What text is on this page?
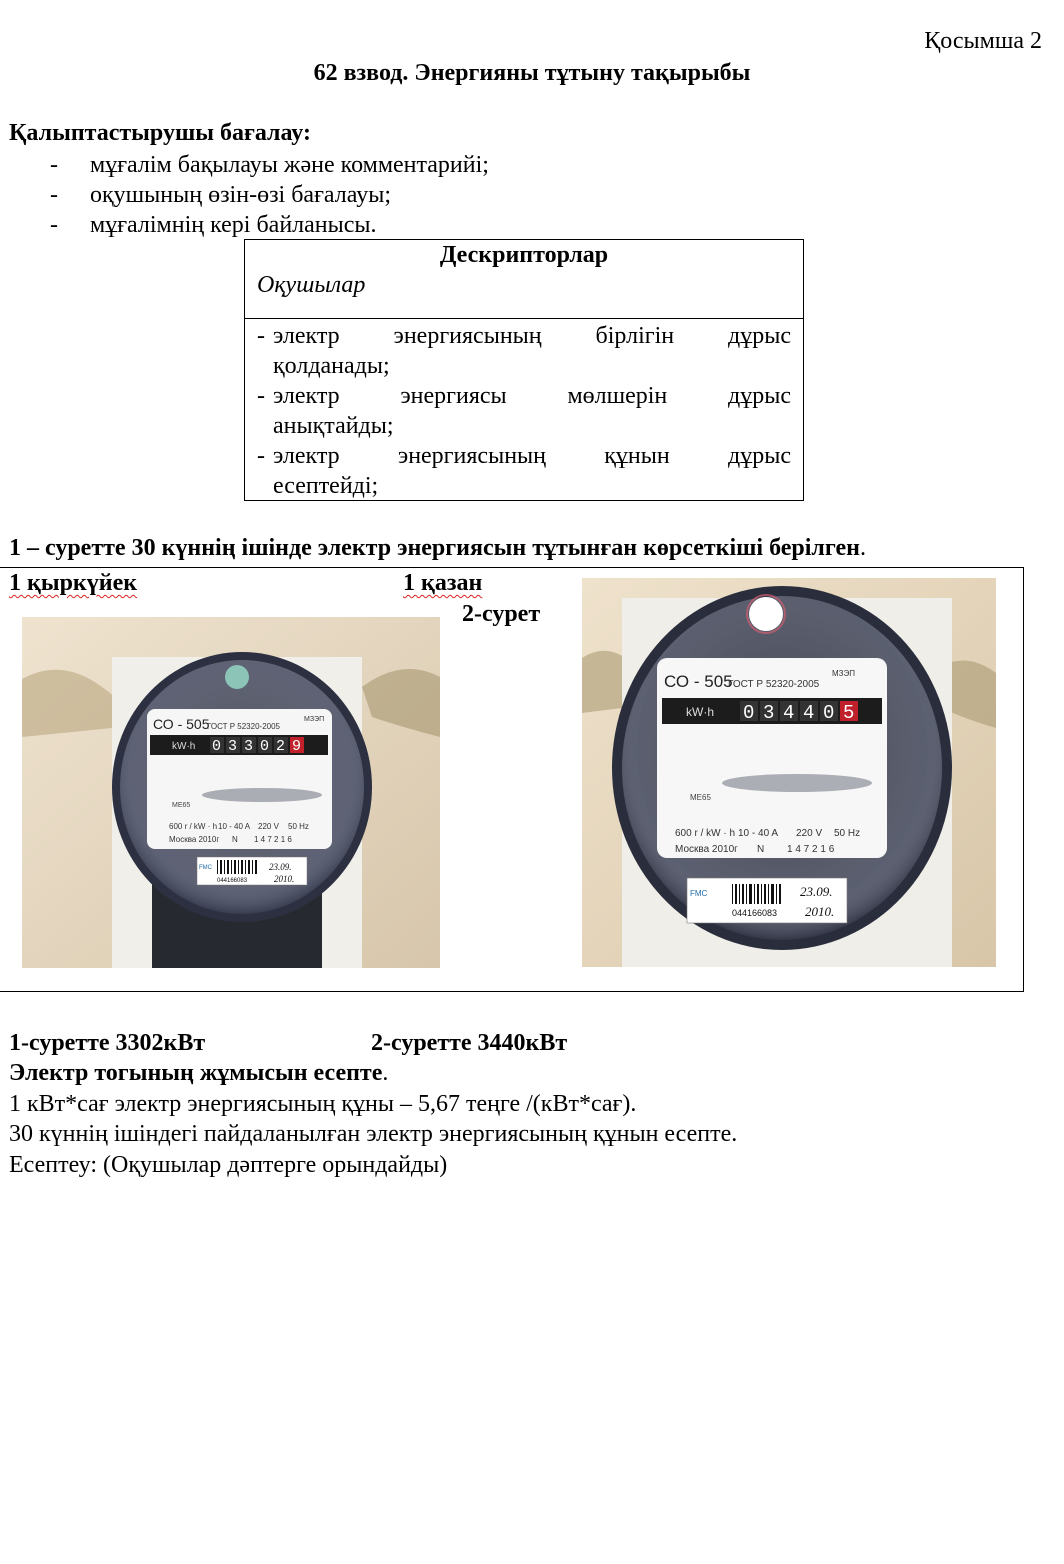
Қосымша 2
62 взвод. Энергияны тұтыну тақырыбы
Қалыптастырушы бағалау:
- мұғалім бақылауы және комментарийі;
- оқушының өзін-өзі бағалауы;
- мұғалімнің кері байланысы.
Дескрипторлар
Оқушылар
- электр энергиясының бірлігін дұрыс
қолданады;
- электр энергиясы мөлшерін дұрыс
анықтайды;
- электр энергиясының құнын дұрыс
есептейді;
1 – суретте 30 күннің ішінде электр энергиясын тұтынған көрсеткіші берілген.
1 қыркүйек	1 қазан
2-сурет
СО - 505
ГОСТ Р 52320-2005
МЗЭП
kW·h 0 3 3 0 2 9
МЕ65
600 r / kW · h 10 - 40 A 220 V 50 Hz
Москва 2010г N 1 4 7 2 1 6
FMC
044166083
23.09.
2010.
СО - 505
ГОСТ Р 52320-2005
МЗЭП
kW·h 0 3 4 4 0 5
МЕ65
600 r / kW · h 10 - 40 A 220 V 50 Hz
Москва 2010г N 1 4 7 2 1 6
FMC
044166083
23.09.
2010.
1-суретте 3302кВт	2-суретте 3440кВт
Электр тогының жұмысын есепте.
1 кВт*сағ электр энергиясының құны – 5,67 теңге /(кВт*сағ).
30 күннің ішіндегі пайдаланылған электр энергиясының құнын есепте.
Есептеу: (Оқушылар дәптерге орындайды)
